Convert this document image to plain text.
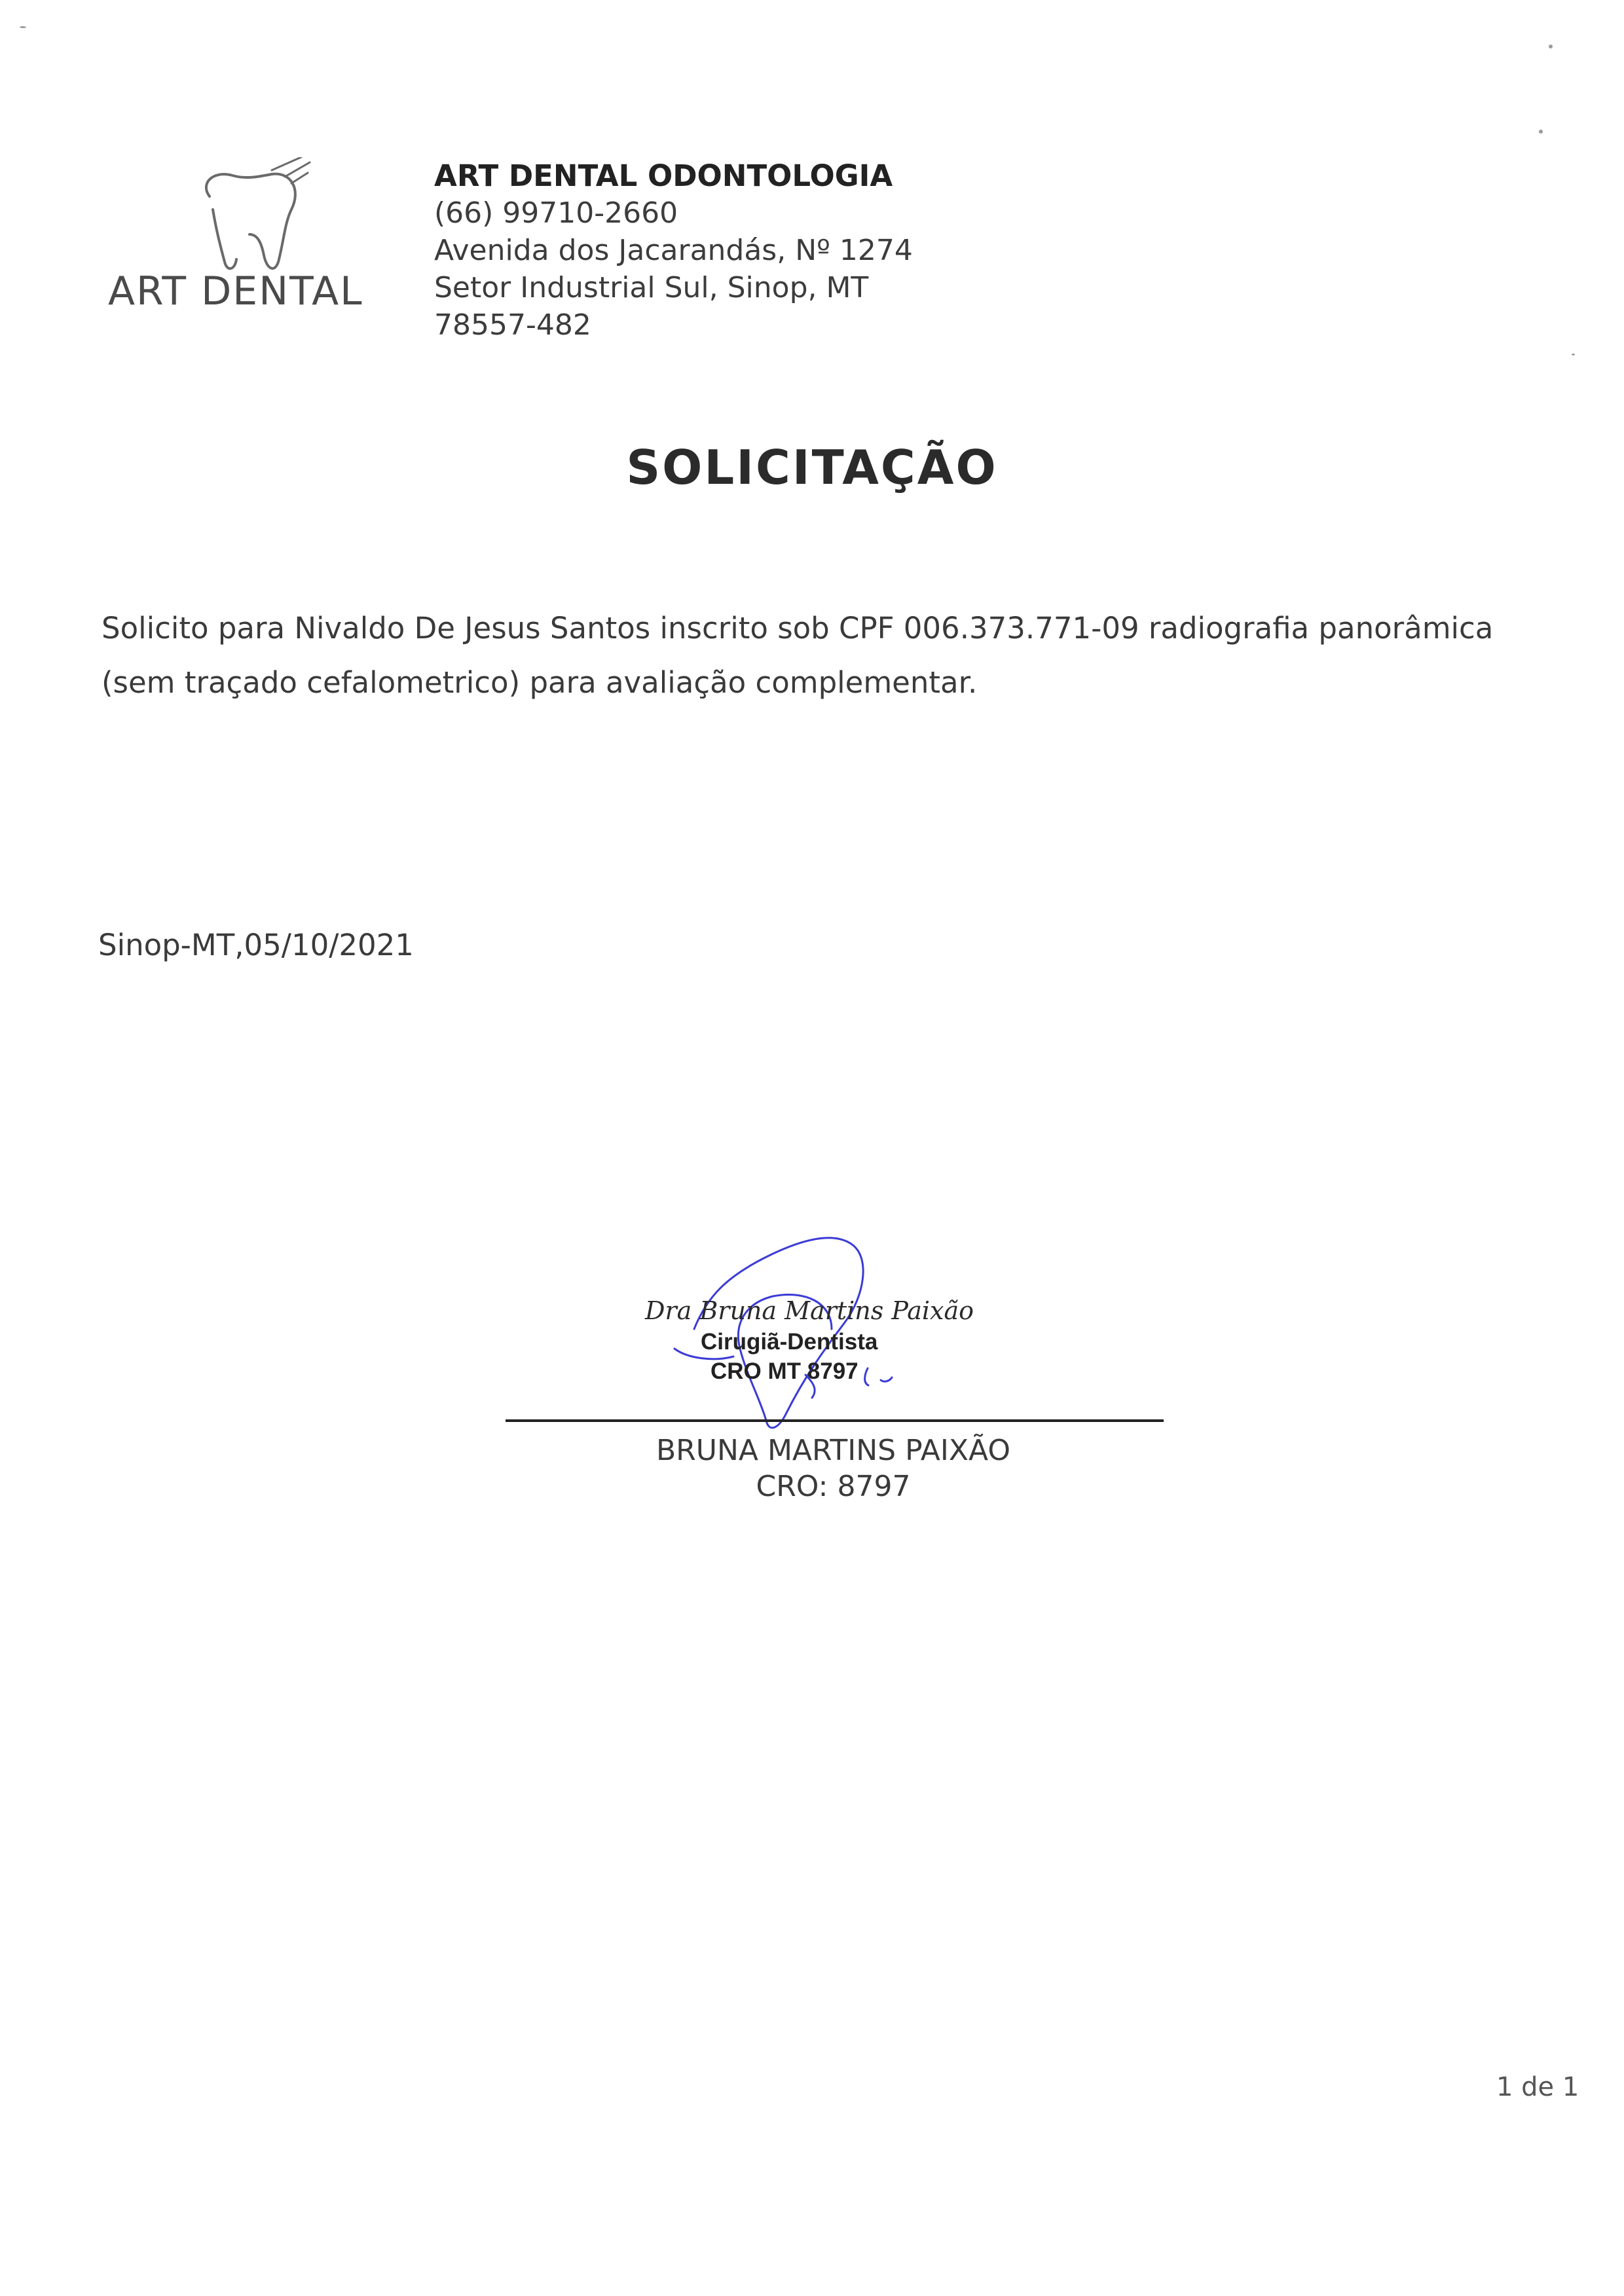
ART DENTAL
ART DENTAL ODONTOLOGIA
(66) 99710-2660
Avenida dos Jacarandás, Nº 1274
Setor Industrial Sul, Sinop, MT
78557-482
SOLICITAÇÃO
Solicito para Nivaldo De Jesus Santos inscrito sob CPF 006.373.771-09 radiografia panorâmica (sem traçado cefalometrico) para avaliação complementar.
Sinop-MT,05/10/2021
Dra Bruna Martins Paixão
Cirugiã-Dentista
CRO MT 8797
BRUNA MARTINS PAIXÃO
CRO: 8797
1 de 1
